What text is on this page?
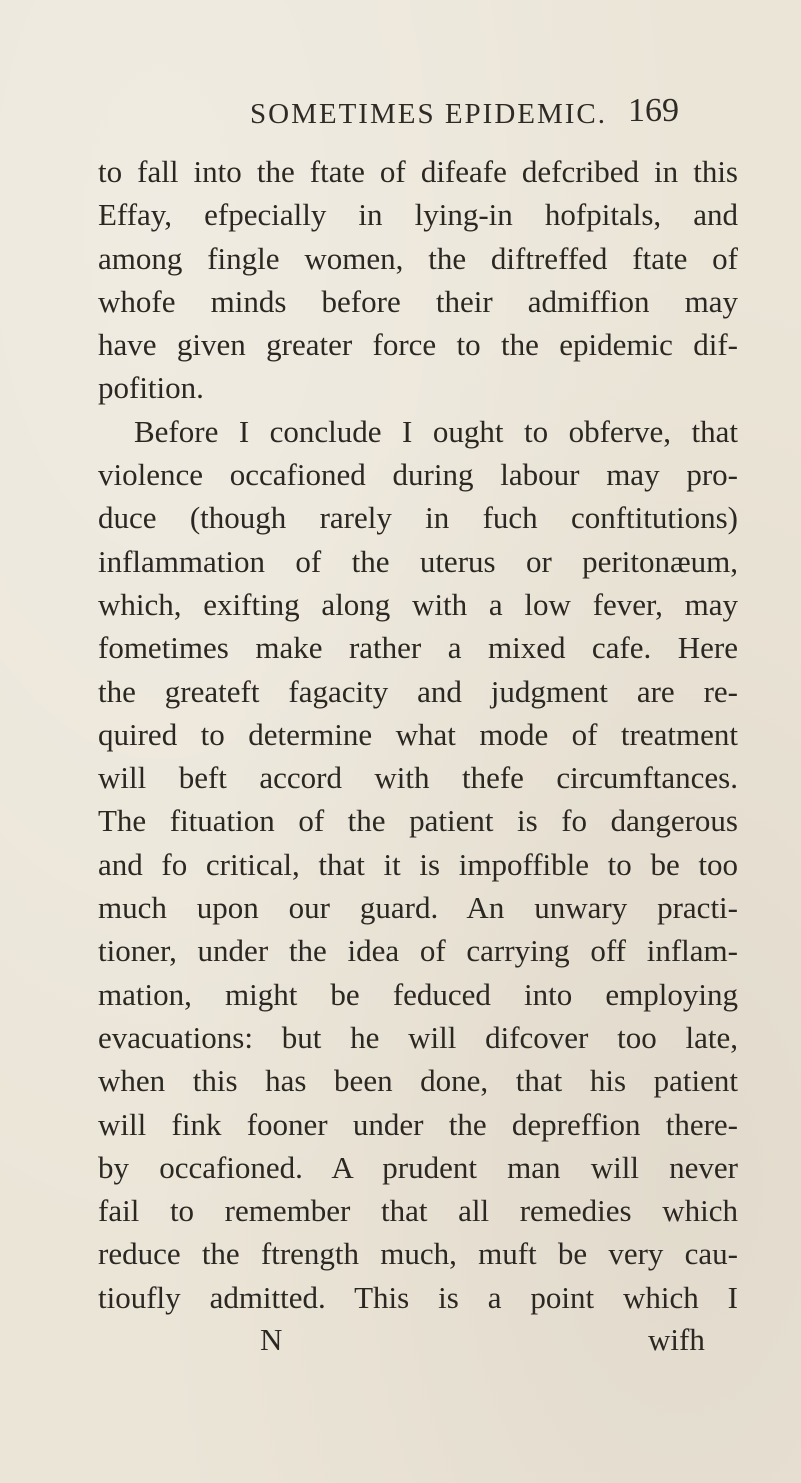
SOMETIMES EPIDEMIC. 169
to fall into the ftate of difeafe defcribed in this
Effay, efpecially in lying-in hofpitals, and
among fingle women, the diftreffed ftate of
whofe minds before their admiffion may
have given greater force to the epidemic dif-
pofition.
Before I conclude I ought to obferve, that
violence occafioned during labour may pro-
duce (though rarely in fuch conftitutions)
inflammation of the uterus or peritonæum,
which, exifting along with a low fever, may
fometimes make rather a mixed cafe. Here
the greateft fagacity and judgment are re-
quired to determine what mode of treatment
will beft accord with thefe circumftances.
The fituation of the patient is fo dangerous
and fo critical, that it is impoffible to be too
much upon our guard. An unwary practi-
tioner, under the idea of carrying off inflam-
mation, might be feduced into employing
evacuations: but he will difcover too late,
when this has been done, that his patient
will fink fooner under the depreffion there-
by occafioned. A prudent man will never
fail to remember that all remedies which
reduce the ftrength much, muft be very cau-
tioufly admitted. This is a point which I
N	wifh
